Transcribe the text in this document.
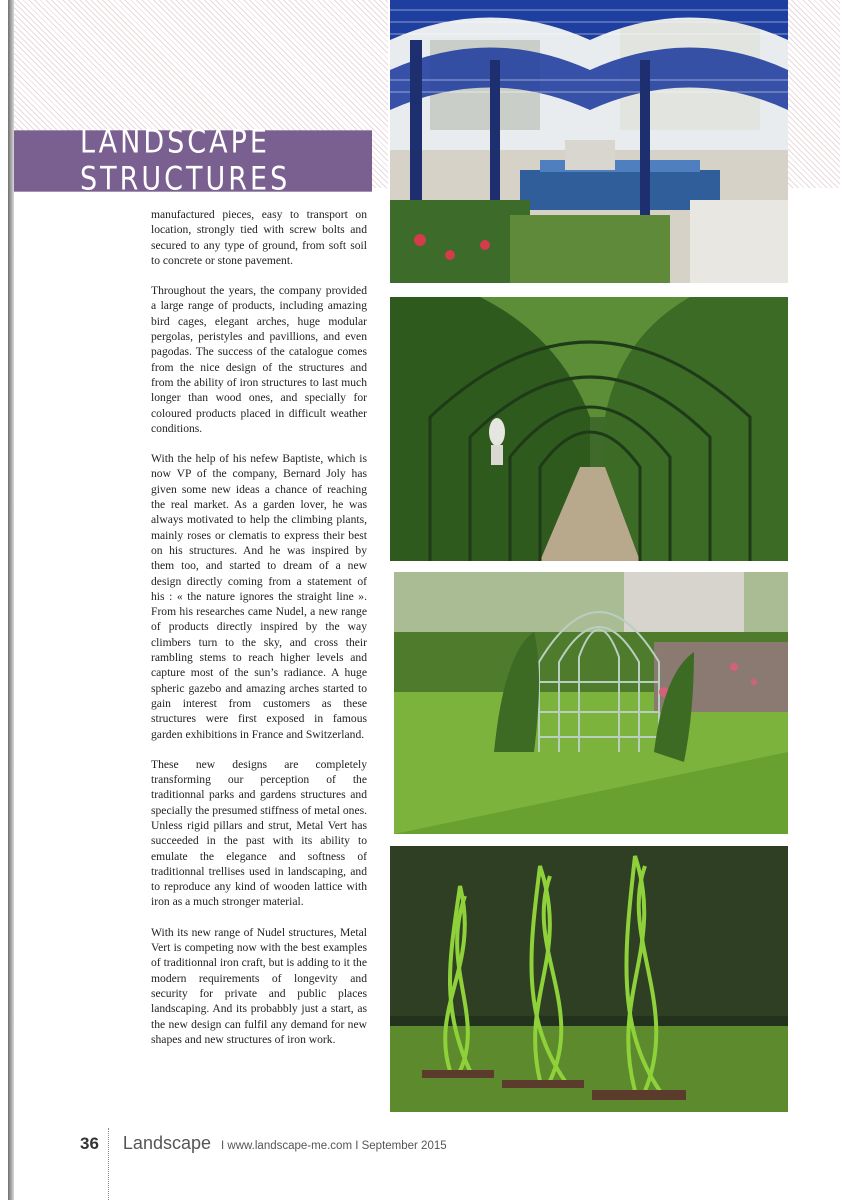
LANDSCAPE STRUCTURES

manufactured pieces, easy to transport on location, strongly tied with screw bolts and secured to any type of ground, from soft soil to concrete or stone pavement.

Throughout the years, the company provided a large range of products, including amazing bird cages, elegant arches, huge modular pergolas, peristyles and pavillions, and even pagodas. The success of the catalogue comes from the nice design of the structures and from the ability of iron structures to last much longer than wood ones, and specially for coloured products placed in difficult weather conditions.

With the help of his nefew Baptiste, which is now VP of the company, Bernard Joly has given some new ideas a chance of reaching the real market. As a garden lover, he was always motivated to help the climbing plants, mainly roses or clematis to express their best on his structures. And he was inspired by them too, and started to dream of a new design directly coming from a statement of his : « the nature ignores the straight line ». From his researches came Nudel, a new range of products directly inspired by the way climbers turn to the sky, and cross their rambling stems to reach higher levels and capture most of the sun’s radiance. A huge spheric gazebo and amazing arches started to gain interest from customers as these structures were first exposed in famous garden exhibitions in France and Switzerland.

These new designs are completely transforming our perception of the traditionnal parks and gardens structures and specially the presumed stiffness of metal ones. Unless rigid pillars and strut, Metal Vert has succeeded in the past with its ability to emulate the elegance and softness of traditionnal trellises used in landscaping, and to reproduce any kind of wooden lattice with iron as a much stronger material.

With its new range of Nudel structures, Metal Vert is competing now with the best examples of traditionnal iron craft, but is adding to it the modern requirements of longevity and security for private and public places landscaping. And its probabbly just a start, as the new design can fulfil any demand for new shapes and new structures of iron work.

36 Landscape I www.landscape-me.com I September 2015
